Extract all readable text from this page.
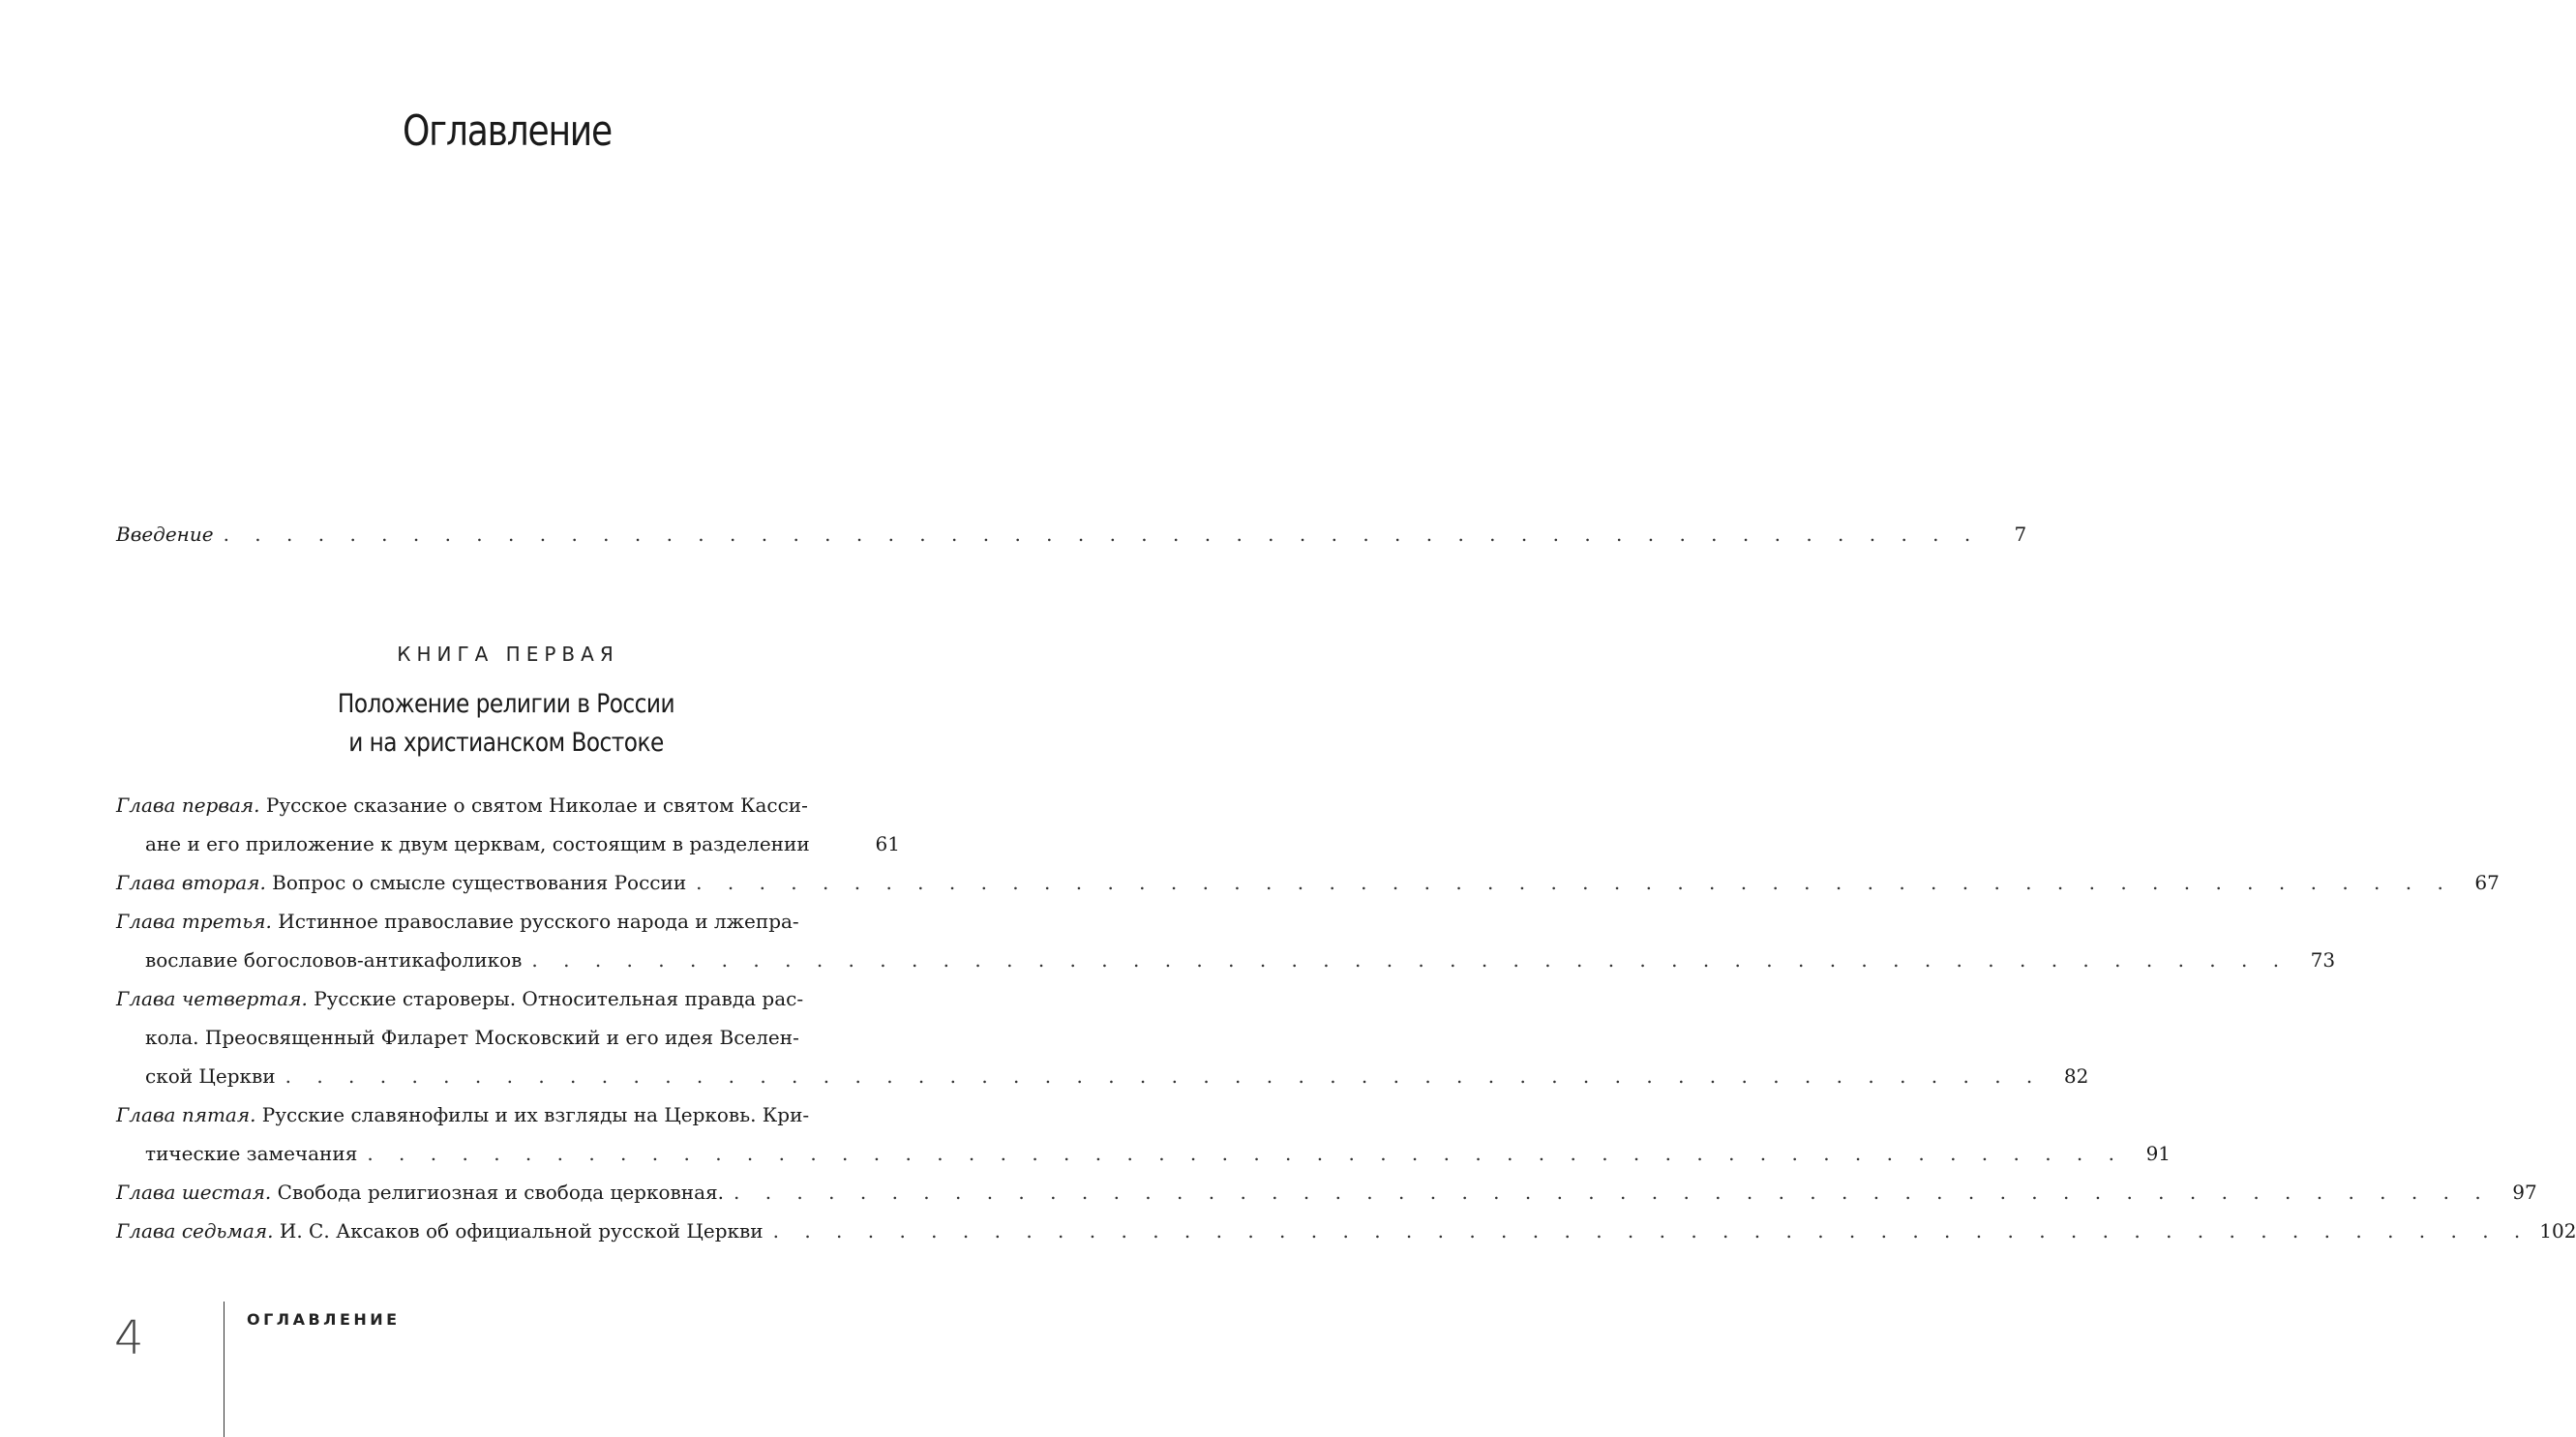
Оглавление
Введение . . . . . . . . . . . . . . . . . . . . . . . . . . . . . . . . . . . . . . . . . . . . . . . . . . . . . . . .	7
КНИГА ПЕРВАЯ
Положение религии в России
и на христианском Востоке
Глава первая.
Русское сказание о святом Николае и святом Касси-
ане и его приложение к двум церквам, состоящим в разделении	61
Глава вторая.
Вопрос о смысле существования России . . . . . . . . . . . . . . . . . . . . . . . . . . . . . . . . . . . . . . . . . . . . . . . . . . . . . . . .	67
Глава третья.
Истинное православие русского народа и лжепра-
вославие богословов-антикафоликов . . . . . . . . . . . . . . . . . . . . . . . . . . . . . . . . . . . . . . . . . . . . . . . . . . . . . . . .	73
Глава четвертая.
Русские староверы. Относительная правда рас-
кола. Преосвященный Филарет Московский и его идея Вселен-
ской Церкви . . . . . . . . . . . . . . . . . . . . . . . . . . . . . . . . . . . . . . . . . . . . . . . . . . . . . . . .	82
Глава пятая.
Русские славянофилы и их взгляды на Церковь. Кри-
тические замечания . . . . . . . . . . . . . . . . . . . . . . . . . . . . . . . . . . . . . . . . . . . . . . . . . . . . . . . .	91
Глава шестая.
Свобода религиозная и свобода церковная. . . . . . . . . . . . . . . . . . . . . . . . . . . . . . . . . . . . . . . . . . . . . . . . . . . . . . . . .	97
Глава седьмая.
И. С. Аксаков об официальной русской Церкви . . . . . . . . . . . . . . . . . . . . . . . . . . . . . . . . . . . . . . . . . . . . . . . . . . . . . . . . 102
4	ОГЛАВЛЕНИЕ
